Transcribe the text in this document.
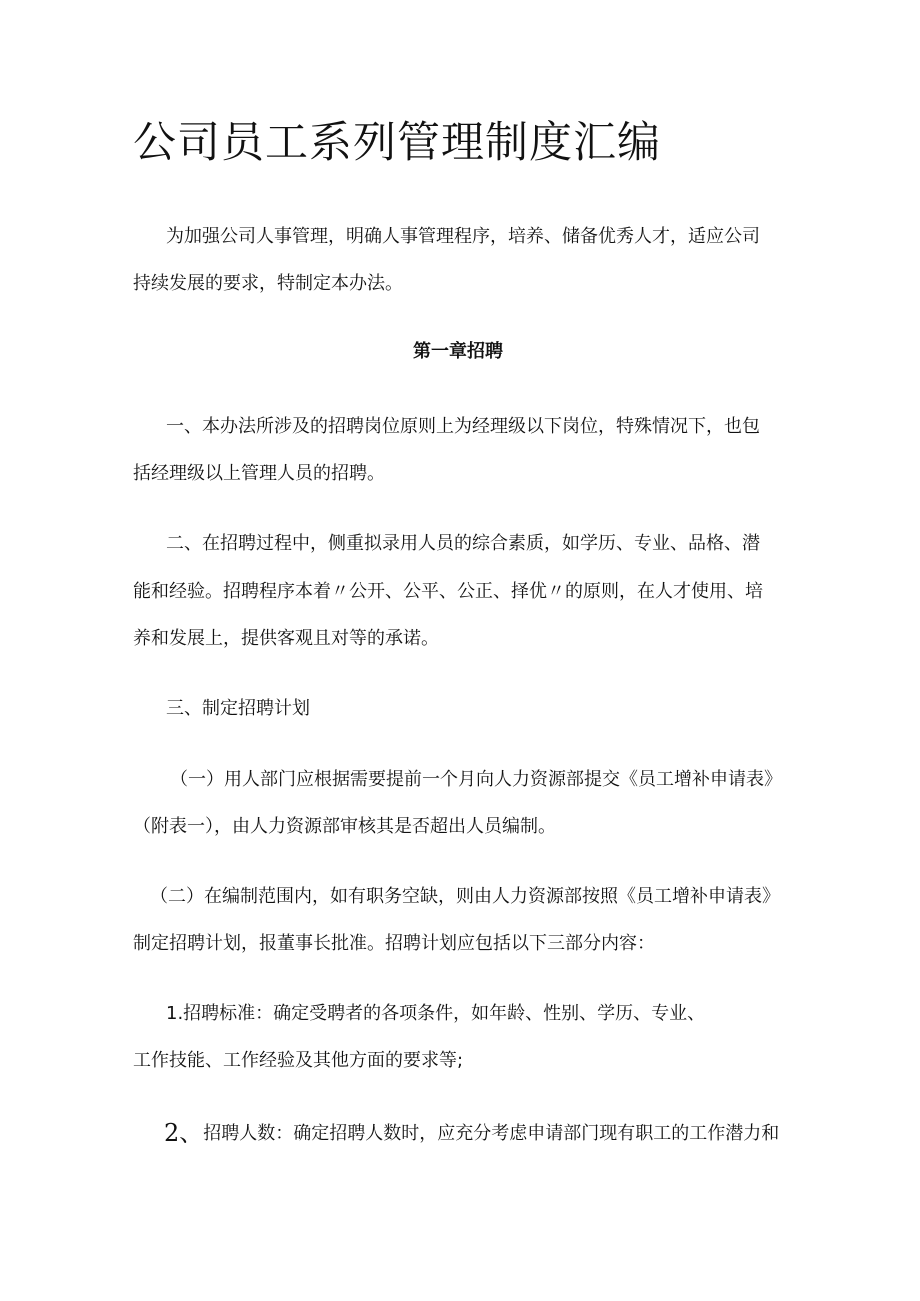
公司员工系列管理制度汇编

为加强公司人事管理，明确人事管理程序，培养、储备优秀人才，适应公司

持续发展的要求，特制定本办法。

第一章招聘

一、本办法所涉及的招聘岗位原则上为经理级以下岗位，特殊情况下，也包

括经理级以上管理人员的招聘。

二、在招聘过程中，侧重拟录用人员的综合素质，如学历、专业、品格、潜

能和经验。招聘程序本着〃公开、公平、公正、择优〃的原则，在人才使用、培

养和发展上，提供客观且对等的承诺。

三、制定招聘计划

（一）用人部门应根据需要提前一个月向人力资源部提交《员工增补申请表》

（附表一），由人力资源部审核其是否超出人员编制。

（二）在编制范围内，如有职务空缺，则由人力资源部按照《员工增补申请表》

制定招聘计划，报董事长批准。招聘计划应包括以下三部分内容：

1.招聘标准：确定受聘者的各项条件，如年龄、性别、学历、专业、

工作技能、工作经验及其他方面的要求等;

2、招聘人数：确定招聘人数时，应充分考虑申请部门现有职工的工作潜力和
